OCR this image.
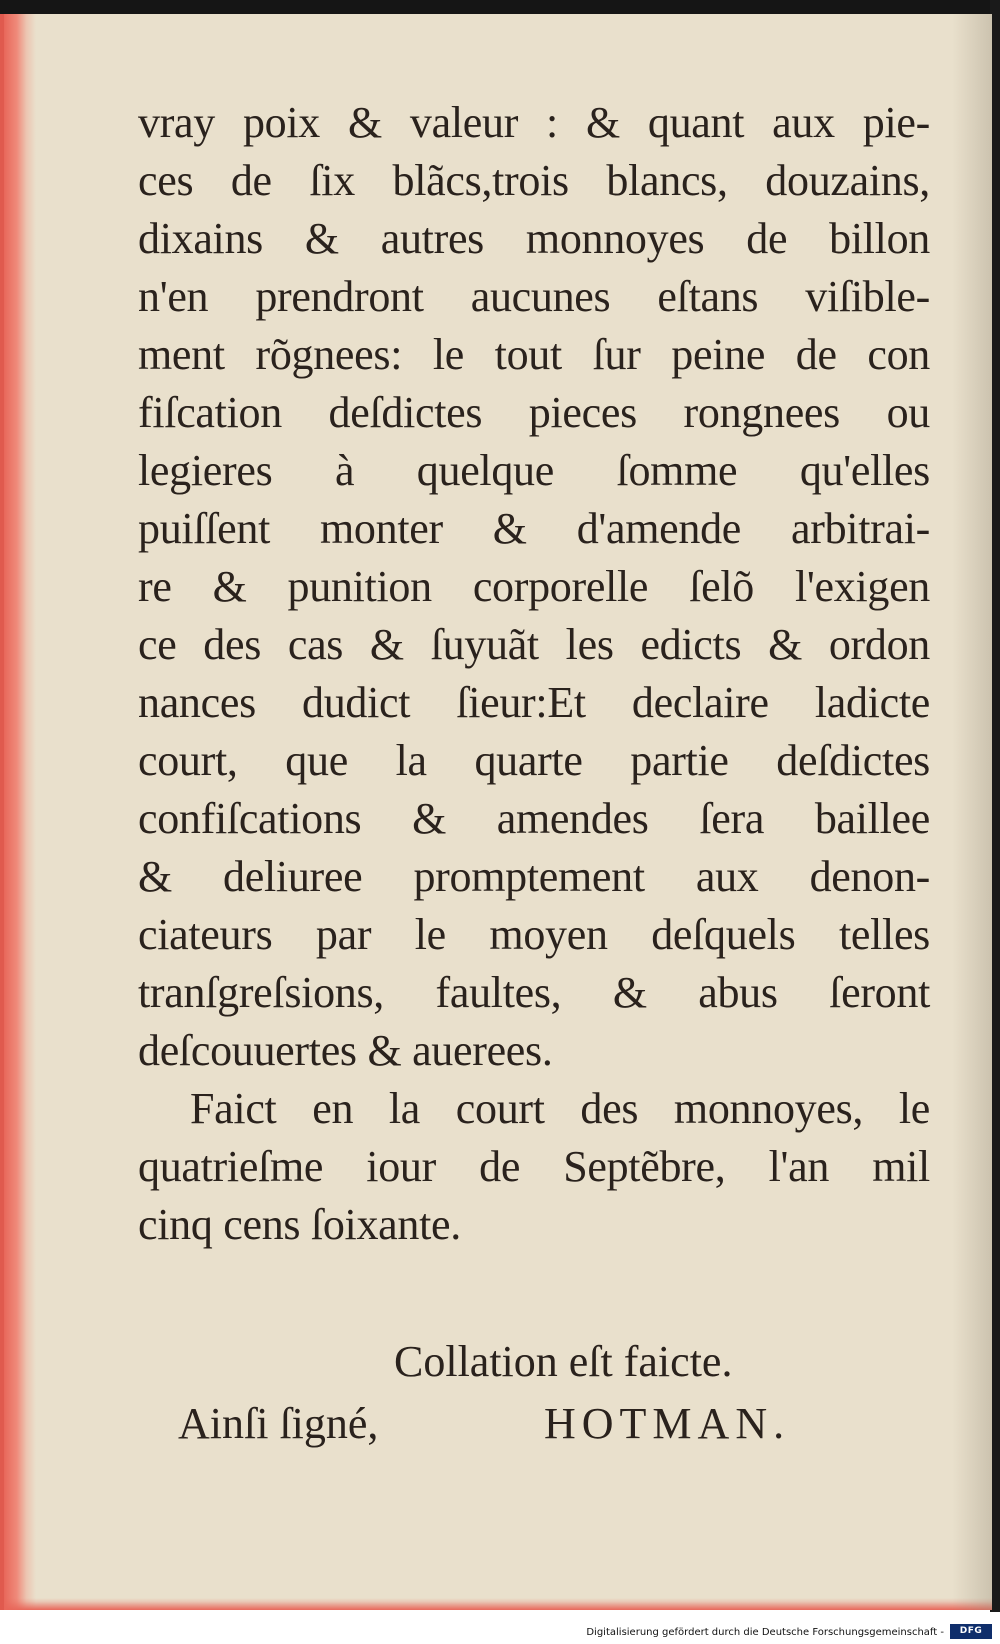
vray poix & valeur : & quant aux pie-
ces de ſix blãcs,trois blancs, douzains,
dixains & autres monnoyes de billon
n'en prendront aucunes eſtans viſible-
ment rõgnees: le tout ſur peine de con
fiſcation deſdictes pieces rongnees ou
legieres à quelque ſomme qu'elles
puiſſent monter & d'amende arbitrai-
re & punition corporelle ſelõ l'exigen
ce des cas & ſuyuãt les edicts & ordon
nances dudict ſieur:Et declaire ladicte
court, que la quarte partie deſdictes
confiſcations & amendes ſera baillee
& deliuree promptement aux denon-
ciateurs par le moyen deſquels telles
tranſgreſsions, faultes, & abus ſeront
deſcouuertes & auerees.
Faict en la court des monnoyes, le
quatrieſme iour de Septẽbre, l'an mil
cinq cens ſoixante.
Collation eſt faicte.
Ainſi ſigné,	HOTMAN.
Digitalisierung gefördert durch die Deutsche Forschungsgemeinschaft -	DFG
